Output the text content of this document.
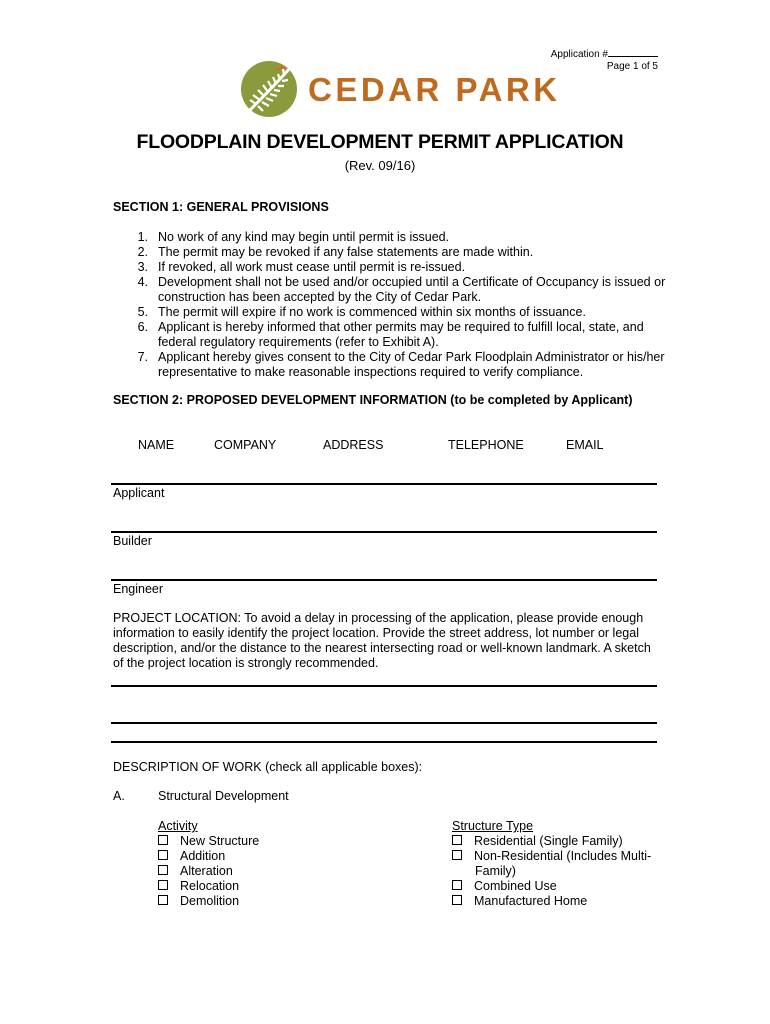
Application #
Page 1 of 5
CEDAR PARK
FLOODPLAIN DEVELOPMENT PERMIT APPLICATION
(Rev. 09/16)
SECTION 1: GENERAL PROVISIONS
1. No work of any kind may begin until permit is issued.
2. The permit may be revoked if any false statements are made within.
3. If revoked, all work must cease until permit is re-issued.
4. Development shall not be used and/or occupied until a Certificate of Occupancy is issued or construction has been accepted by the City of Cedar Park.
5. The permit will expire if no work is commenced within six months of issuance.
6. Applicant is hereby informed that other permits may be required to fulfill local, state, and federal regulatory requirements (refer to Exhibit A).
7. Applicant hereby gives consent to the City of Cedar Park Floodplain Administrator or his/her representative to make reasonable inspections required to verify compliance.
SECTION 2: PROPOSED DEVELOPMENT INFORMATION (to be completed by Applicant)
NAME	COMPANY	ADDRESS	TELEPHONE	EMAIL
Applicant
Builder
Engineer
PROJECT LOCATION: To avoid a delay in processing of the application, please provide enough information to easily identify the project location. Provide the street address, lot number or legal description, and/or the distance to the nearest intersecting road or well-known landmark. A sketch of the project location is strongly recommended.
DESCRIPTION OF WORK (check all applicable boxes):
A.	Structural Development
Activity
New Structure
Addition
Alteration
Relocation
Demolition
Structure Type
Residential (Single Family)
Non-Residential (Includes Multi-
Family)
Combined Use
Manufactured Home
